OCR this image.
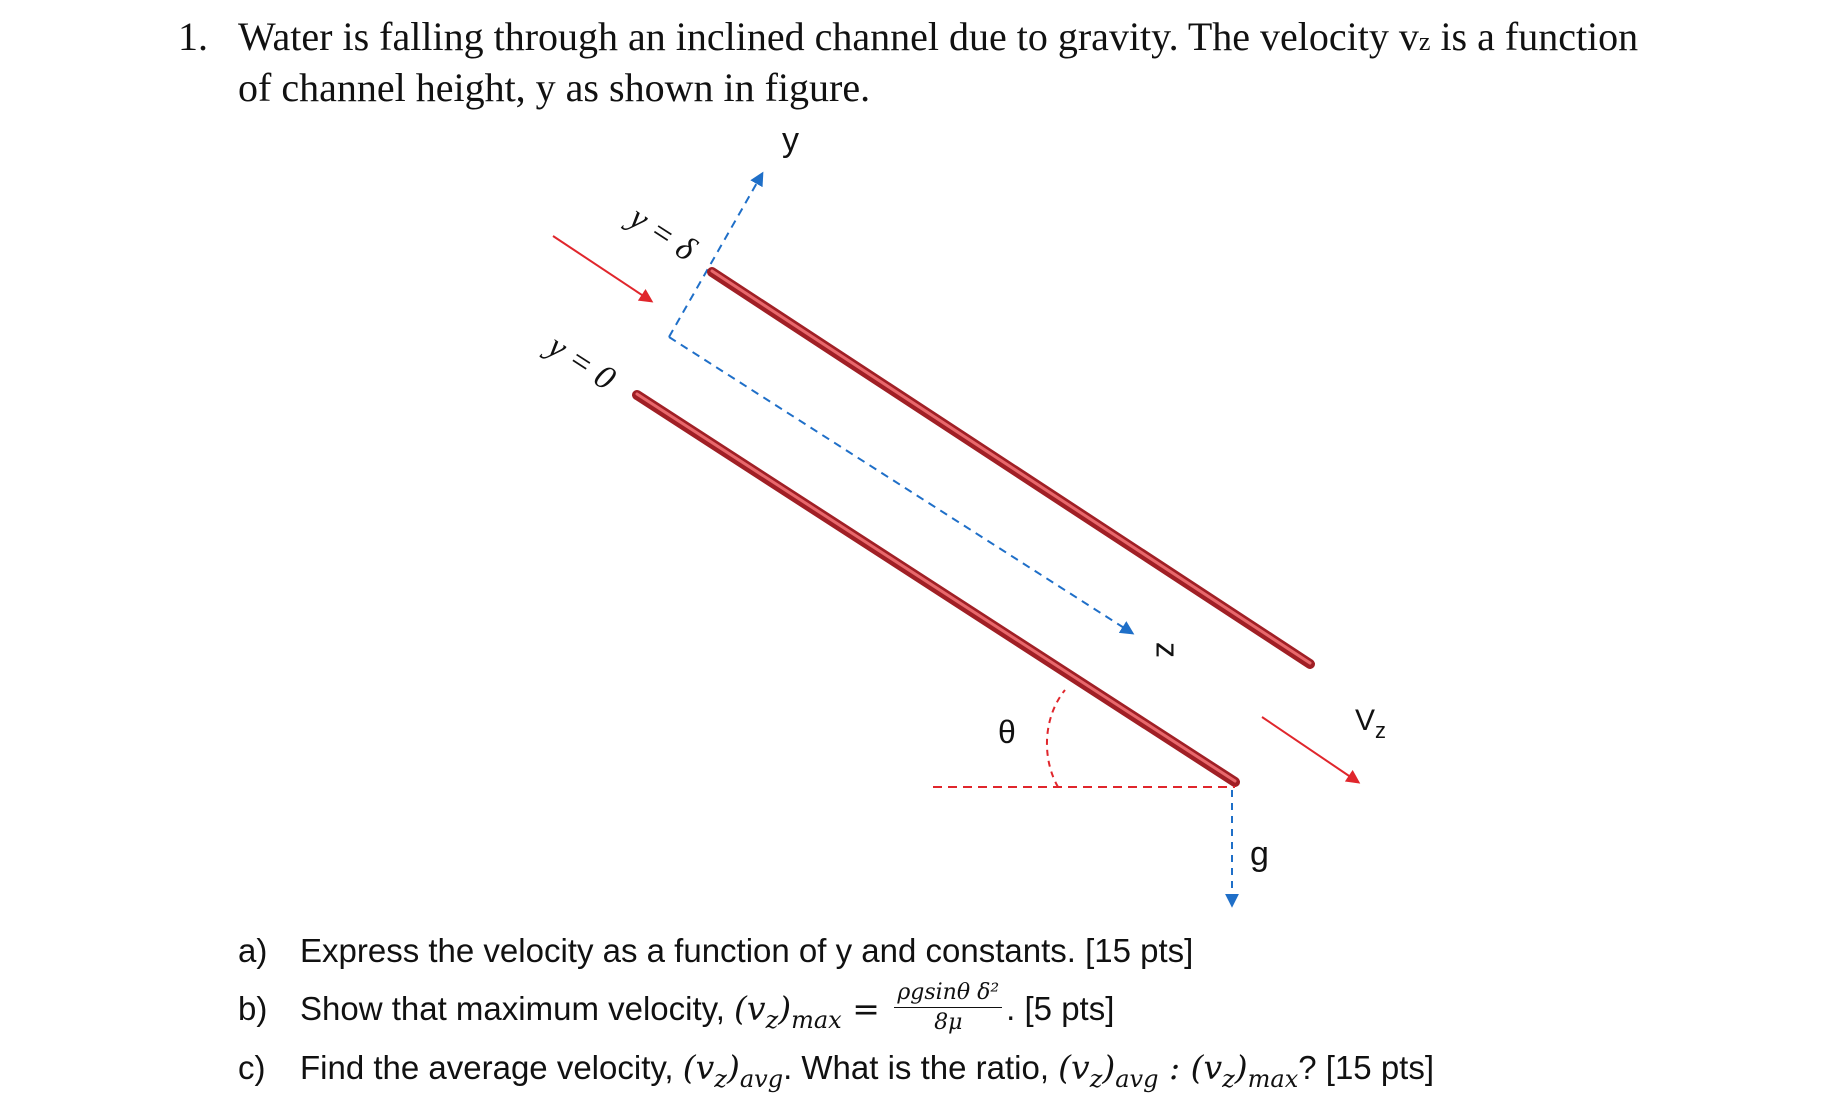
1. Water is falling through an inclined channel due to gravity. The velocity vz is a function
of channel height, y as shown in figure.
y
z
y = δ
y = 0
θ
g
$V_z$
a) Express the velocity as a function of y and constants. [15 pts]
b) Show that maximum velocity, $(v_z)_{max} = \frac{\text{ρgsinθ δ²}}{8\mu}$ . [5 pts]
c) Find the average velocity, $(v_z)_{avg}$. What is the ratio, $(v_z)_{avg}$ : $(v_z)_{max}$? [15 pts]
